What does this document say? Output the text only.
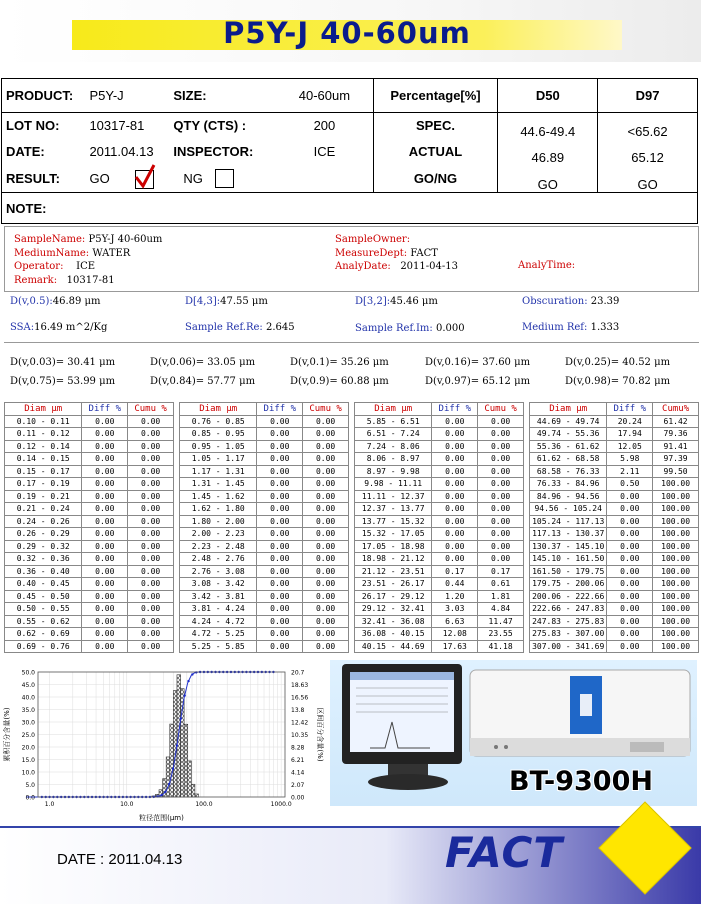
P5Y-J 40-60um
PRODUCT:	P5Y-J	SIZE:	40-60um	Percentage[%]	D50	D97
LOT NO:	10317-81	QTY (CTS) :	200	SPEC.	44.6-49.4	<65.62
DATE:	2011.04.13	INSPECTOR:	ICE	ACTUAL	46.89	65.12
RESULT:	GO	NG		GO/NG	GO	GO
NOTE:						
SampleName: P5Y-J 40-60um
MediumName: WATER
Operator: ICE
Remark: 10317-81
SampleOwner:
MeasureDept: FACT
AnalyDate: 2011-04-13	AnalyTime:
D(v,0.5):46.89 μm	D[4,3]:47.55 μm	D[3,2]:45.46 μm	Obscuration: 23.39
SSA:16.49 m^2/Kg	Sample Ref.Re: 2.645	Sample Ref.Im: 0.000	Medium Ref: 1.333
D(v,0.03)= 30.41 μm	D(v,0.06)= 33.05 μm	D(v,0.1)= 35.26 μm	D(v,0.16)= 37.60 μm	D(v,0.25)= 40.52 μm
D(v,0.75)= 53.99 μm	D(v,0.84)= 57.77 μm	D(v,0.9)= 60.88 μm	D(v,0.97)= 65.12 μm	D(v,0.98)= 70.82 μm
Diam μm	Diff %	Cumu %
0.10 - 0.11	0.00	0.00
0.11 - 0.12	0.00	0.00
0.12 - 0.14	0.00	0.00
0.14 - 0.15	0.00	0.00
0.15 - 0.17	0.00	0.00
0.17 - 0.19	0.00	0.00
0.19 - 0.21	0.00	0.00
0.21 - 0.24	0.00	0.00
0.24 - 0.26	0.00	0.00
0.26 - 0.29	0.00	0.00
0.29 - 0.32	0.00	0.00
0.32 - 0.36	0.00	0.00
0.36 - 0.40	0.00	0.00
0.40 - 0.45	0.00	0.00
0.45 - 0.50	0.00	0.00
0.50 - 0.55	0.00	0.00
0.55 - 0.62	0.00	0.00
0.62 - 0.69	0.00	0.00
0.69 - 0.76	0.00	0.00
Diam μm	Diff %	Cumu %
0.76 - 0.85	0.00	0.00
0.85 - 0.95	0.00	0.00
0.95 - 1.05	0.00	0.00
1.05 - 1.17	0.00	0.00
1.17 - 1.31	0.00	0.00
1.31 - 1.45	0.00	0.00
1.45 - 1.62	0.00	0.00
1.62 - 1.80	0.00	0.00
1.80 - 2.00	0.00	0.00
2.00 - 2.23	0.00	0.00
2.23 - 2.48	0.00	0.00
2.48 - 2.76	0.00	0.00
2.76 - 3.08	0.00	0.00
3.08 - 3.42	0.00	0.00
3.42 - 3.81	0.00	0.00
3.81 - 4.24	0.00	0.00
4.24 - 4.72	0.00	0.00
4.72 - 5.25	0.00	0.00
5.25 - 5.85	0.00	0.00
Diam μm	Diff %	Cumu %
5.85 - 6.51	0.00	0.00
6.51 - 7.24	0.00	0.00
7.24 - 8.06	0.00	0.00
8.06 - 8.97	0.00	0.00
8.97 - 9.98	0.00	0.00
9.98 - 11.11	0.00	0.00
11.11 - 12.37	0.00	0.00
12.37 - 13.77	0.00	0.00
13.77 - 15.32	0.00	0.00
15.32 - 17.05	0.00	0.00
17.05 - 18.98	0.00	0.00
18.98 - 21.12	0.00	0.00
21.12 - 23.51	0.17	0.17
23.51 - 26.17	0.44	0.61
26.17 - 29.12	1.20	1.81
29.12 - 32.41	3.03	4.84
32.41 - 36.08	6.63	11.47
36.08 - 40.15	12.08	23.55
40.15 - 44.69	17.63	41.18
Diam μm	Diff %	Cumu%
44.69 - 49.74	20.24	61.42
49.74 - 55.36	17.94	79.36
55.36 - 61.62	12.05	91.41
61.62 - 68.58	5.98	97.39
68.58 - 76.33	2.11	99.50
76.33 - 84.96	0.50	100.00
84.96 - 94.56	0.00	100.00
94.56 - 105.24	0.00	100.00
105.24 - 117.13	0.00	100.00
117.13 - 130.37	0.00	100.00
130.37 - 145.10	0.00	100.00
145.10 - 161.50	0.00	100.00
161.50 - 179.75	0.00	100.00
179.75 - 200.06	0.00	100.00
200.06 - 222.66	0.00	100.00
222.66 - 247.83	0.00	100.00
247.83 - 275.83	0.00	100.00
275.83 - 307.00	0.00	100.00
307.00 - 341.69	0.00	100.00
0.0
5.0
10.0
15.0
20.0
25.0
30.0
35.0
40.0
45.0
50.0
0.00
2.07
4.14
6.21
8.28
10.35
12.42
13.8
16.56
18.63
20.7
1.0	10.0	100.0	1000.0
粒径范围(μm)
累积百分含量(%)	区间百分含量(%)
BT-9300H
DATE : 2011.04.13	FACT
